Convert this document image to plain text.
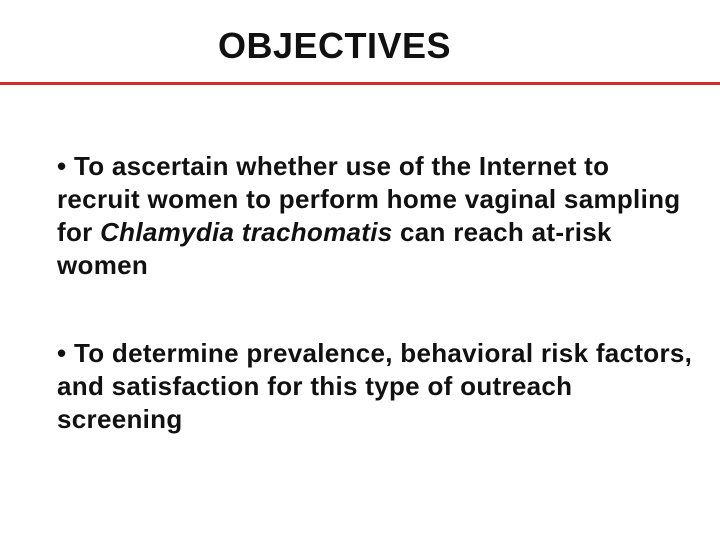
OBJECTIVES

• To ascertain whether use of the Internet to recruit women to perform home vaginal sampling for Chlamydia trachomatis can reach at-risk women

• To determine prevalence, behavioral risk factors, and satisfaction for this type of outreach screening
